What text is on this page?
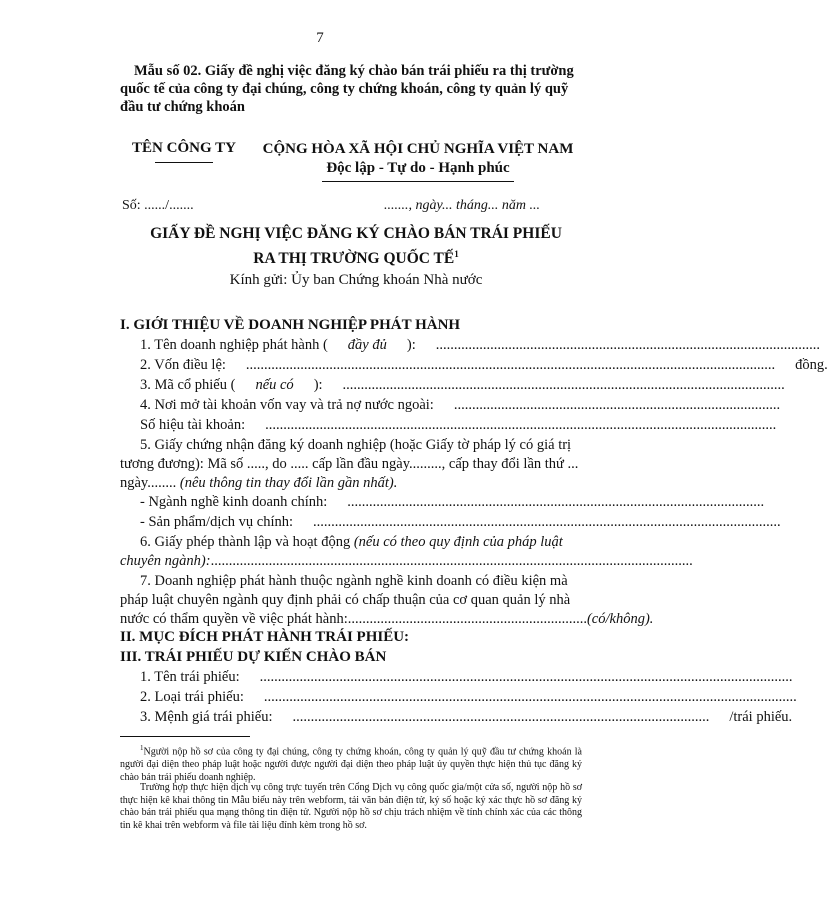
7
Mẫu số 02. Giấy đề nghị việc đăng ký chào bán trái phiếu ra thị trường quốc tế của công ty đại chúng, công ty chứng khoán, công ty quản lý quỹ đầu tư chứng khoán
TÊN CÔNG TY	CỘNG HÒA XÃ HỘI CHỦ NGHĨA VIỆT NAM
Độc lập - Tự do - Hạnh phúc
Số: ....../.......	......., ngày... tháng... năm ...
GIẤY ĐỀ NGHỊ VIỆC ĐĂNG KÝ CHÀO BÁN TRÁI PHIẾU
RA THỊ TRƯỜNG QUỐC TẾ$^1$
Kính gửi: Ủy ban Chứng khoán Nhà nước
I. GIỚI THIỆU VỀ DOANH NGHIỆP PHÁT HÀNH
1. Tên doanh nghiệp phát hành (	đầy đủ	):	..........................................................................................................
2. Vốn điều lệ:	..................................................................................................................................................	đồng.
3. Mã cổ phiếu (	nếu có	):	..........................................................................................................................
4. Nơi mở tài khoản vốn vay và trả nợ nước ngoài:	..........................................................................................
Số hiệu tài khoản:	.............................................................................................................................................
5. Giấy chứng nhận đăng ký doanh nghiệp (hoặc Giấy tờ pháp lý có giá trị
tương đương): Mã số ....., do ..... cấp lần đầu ngày........., cấp thay đổi lần thứ ...
ngày........ (nêu thông tin thay đổi lần gần nhất).
- Ngành nghề kinh doanh chính:	...................................................................................................................
- Sản phẩm/dịch vụ chính:	.................................................................................................................................
6. Giấy phép thành lập và hoạt động (nếu có theo quy định của pháp luật
chuyên ngành): .....................................................................................................................................
7. Doanh nghiệp phát hành thuộc ngành nghề kinh doanh có điều kiện mà
pháp luật chuyên ngành quy định phải có chấp thuận của cơ quan quản lý nhà
nước có thẩm quyền về việc phát hành: .................................................................. (có/không).
II. MỤC ĐÍCH PHÁT HÀNH TRÁI PHIẾU:
III. TRÁI PHIẾU DỰ KIẾN CHÀO BÁN
1. Tên trái phiếu:	...................................................................................................................................................
2. Loại trái phiếu:	...................................................................................................................................................
3. Mệnh giá trái phiếu:	...................................................................................................................	/trái phiếu.
$^1$Người nộp hồ sơ của công ty đại chúng, công ty chứng khoán, công ty quản lý quỹ đầu tư chứng khoán là người đại diện theo pháp luật hoặc người được người đại diện theo pháp luật ủy quyền thực hiện thủ tục đăng ký chào bán trái phiếu doanh nghiệp.
Trường hợp thực hiện dịch vụ công trực tuyến trên Cổng Dịch vụ công quốc gia/một cửa số, người nộp hồ sơ thực hiện kê khai thông tin Mẫu biểu này trên webform, tải văn bản điện tử, ký số hoặc ký xác thực hồ sơ đăng ký chào bán trái phiếu qua mạng thông tin điện tử. Người nộp hồ sơ chịu trách nhiệm về tính chính xác của các thông tin kê khai trên webform và file tài liệu đính kèm trong hồ sơ.
